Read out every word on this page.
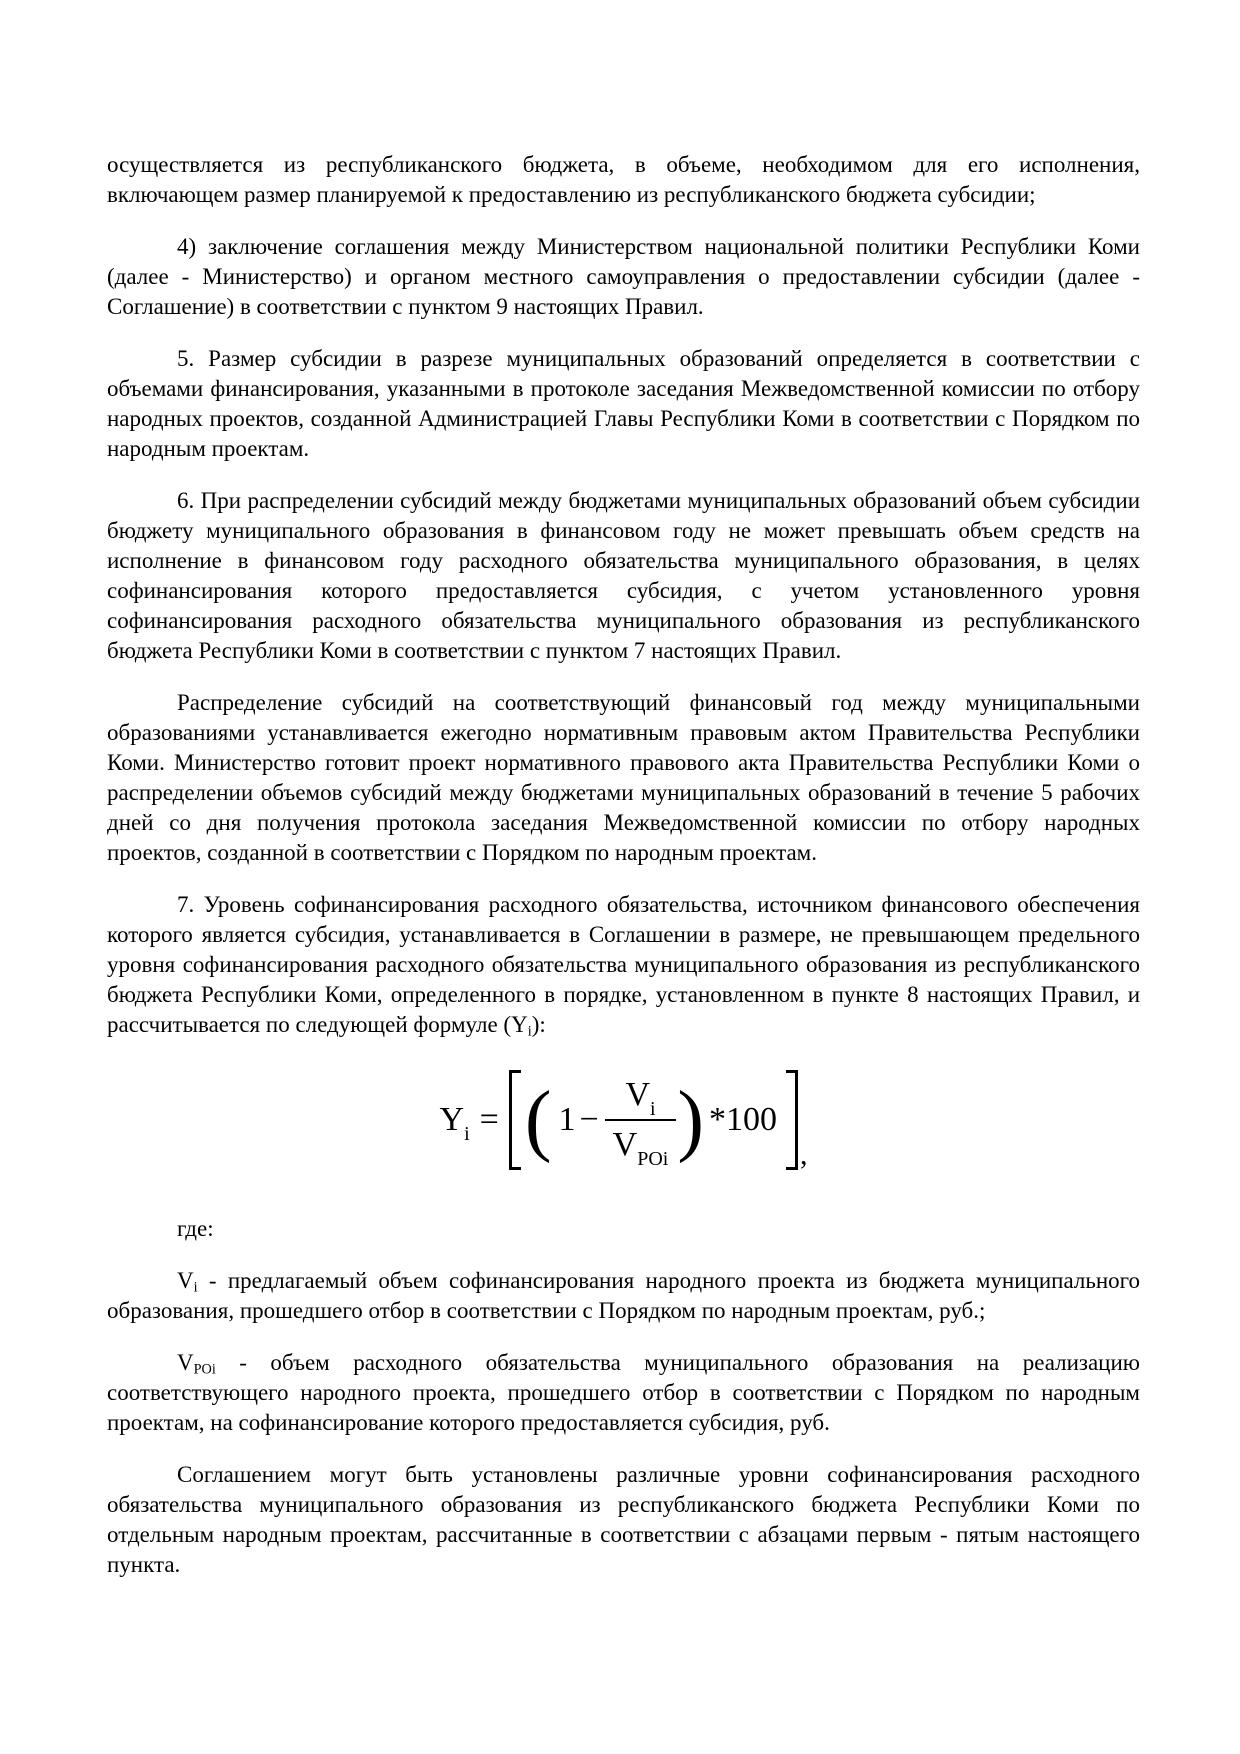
осуществляется из республиканского бюджета, в объеме, необходимом для его исполнения, включающем размер планируемой к предоставлению из республиканского бюджета субсидии;

4) заключение соглашения между Министерством национальной политики Республики Коми (далее - Министерство) и органом местного самоуправления о предоставлении субсидии (далее - Соглашение) в соответствии с пунктом 9 настоящих Правил.

5. Размер субсидии в разрезе муниципальных образований определяется в соответствии с объемами финансирования, указанными в протоколе заседания Межведомственной комиссии по отбору народных проектов, созданной Администрацией Главы Республики Коми в соответствии с Порядком по народным проектам.

6. При распределении субсидий между бюджетами муниципальных образований объем субсидии бюджету муниципального образования в финансовом году не может превышать объем средств на исполнение в финансовом году расходного обязательства муниципального образования, в целях софинансирования которого предоставляется субсидия, с учетом установленного уровня софинансирования расходного обязательства муниципального образования из республиканского бюджета Республики Коми в соответствии с пунктом 7 настоящих Правил.

Распределение субсидий на соответствующий финансовый год между муниципальными образованиями устанавливается ежегодно нормативным правовым актом Правительства Республики Коми. Министерство готовит проект нормативного правового акта Правительства Республики Коми о распределении объемов субсидий между бюджетами муниципальных образований в течение 5 рабочих дней со дня получения протокола заседания Межведомственной комиссии по отбору народных проектов, созданной в соответствии с Порядком по народным проектам.

7. Уровень софинансирования расходного обязательства, источником финансового обеспечения которого является субсидия, устанавливается в Соглашении в размере, не превышающем предельного уровня софинансирования расходного обязательства муниципального образования из республиканского бюджета Республики Коми, определенного в порядке, установленном в пункте 8 настоящих Правил, и рассчитывается по следующей формуле $(Y_i)$:

$Y_i$ = ( $1 - \frac{V_i}{V_{POi}}$ ) *100
,

где:

$V_i$ - предлагаемый объем софинансирования народного проекта из бюджета муниципального образования, прошедшего отбор в соответствии с Порядком по народным проектам, руб.;

$V_{POi}$ - объем расходного обязательства муниципального образования на реализацию соответствующего народного проекта, прошедшего отбор в соответствии с Порядком по народным проектам, на софинансирование которого предоставляется субсидия, руб.

Соглашением могут быть установлены различные уровни софинансирования расходного обязательства муниципального образования из республиканского бюджета Республики Коми по отдельным народным проектам, рассчитанные в соответствии с абзацами первым - пятым настоящего пункта.
